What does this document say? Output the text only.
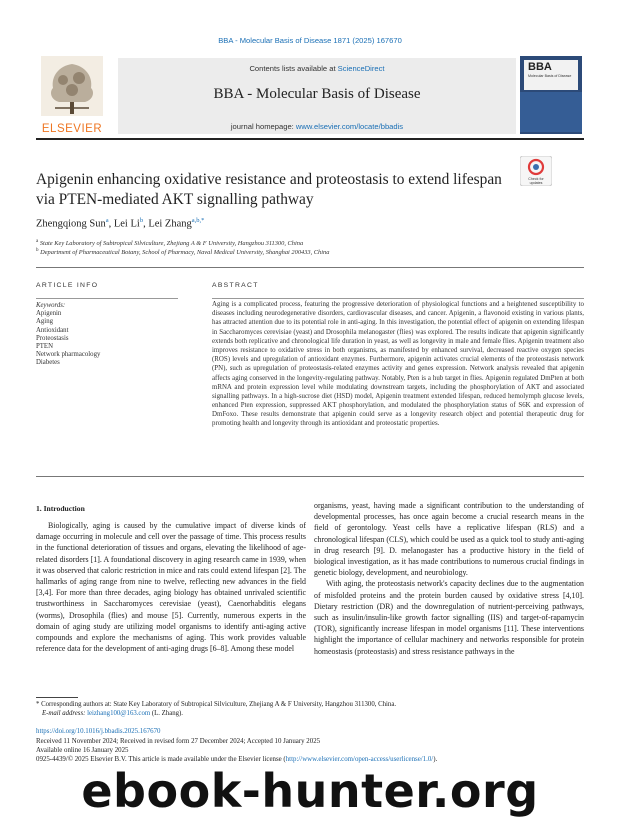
BBA - Molecular Basis of Disease 1871 (2025) 167670
ELSEVIER
Contents lists available at ScienceDirect
BBA - Molecular Basis of Disease
journal homepage: www.elsevier.com/locate/bbadis
BBA
Molecular Basis of Disease
Apigenin enhancing oxidative resistance and proteostasis to extend lifespan
via PTEN-mediated AKT signalling pathway
Check for
updates
Zhengqiong Sun$^a$, Lei Li$^b$, Lei Zhang$^{a,b,*}$
$^a$ State Key Laboratory of Subtropical Silviculture, Zhejiang A & F University, Hangzhou 311300, China
$^b$ Department of Pharmaceutical Botany, School of Pharmacy, Naval Medical University, Shanghai 200433, China
ARTICLE INFO	ABSTRACT
Keywords:
Apigenin
Aging
Antioxidant
Proteostasis
PTEN
Network pharmacology
Diabetes
Aging is a complicated process, featuring the progressive deterioration of physiological functions and a heightened susceptibility to diseases including neurodegenerative disorders, cardiovascular diseases, and cancer. Apigenin, a flavonoid existing in various plants, has attracted attention due to its potential role in anti-aging. In this investigation, the potential effect of apigenin on extending lifespan in Saccharomyces cerevisiae (yeast) and Drosophila melanogaster (flies) was explored. The results indicate that apigenin significantly extends both replicative and chronological life duration in yeast, as well as longevity in male and female flies. Apigenin treatment also improves resistance to oxidative stress in both organisms, as manifested by enhanced survival, decreased reactive oxygen species (ROS) levels and upregulation of antioxidant enzymes. Furthermore, apigenin activates crucial elements of the proteostasis network (PN), such as upregulation of proteostasis-related enzymes activity and genes expression. Network analysis revealed that apigenin affects aging conserved in the longevity-regulating pathway. Notably, Pten is a hub target in flies. Apigenin regulated DmPten at both mRNA and protein expression level while modulating downstream targets, including the phosphorylation of AKT and associated signalling pathways. In a high-sucrose diet (HSD) model, Apigenin treatment extended lifespan, reduced hemolymph glucose levels, enhanced Pten expression, suppressed AKT phosphorylation, and modulated the phosphorylation status of S6K and expression of DmFoxo. These results demonstrate that apigenin could serve as a longevity research object and potential therapeutic drug for promoting health and longevity through its antioxidant and proteostatic properties.
1. Introduction

Biologically, aging is caused by the cumulative impact of diverse kinds of damage occurring in molecule and cell over the passage of time. This process results in the functional deterioration of tissues and organs, elevating the likelihood of age-related disorders [1]. A foundational discovery in aging research came in 1939, when it was observed that caloric restriction in mice and rats could extend lifespan [2]. The hallmarks of aging range from nine to twelve, reflecting new advances in the field [3,4]. For more than three decades, aging biology has obtained unrivaled scientific trustworthiness in Saccharomyces cerevisiae (yeast), Caenorhabditis elegans (worms), Drosophila (flies) and mouse [5]. Currently, numerous experts in the domain of aging study are utilizing model organisms to identify anti-aging active compounds and explore the mechanisms of aging. This work provides valuable reference data for the development of anti-aging drugs [6–8]. Among these model

organisms, yeast, having made a significant contribution to the understanding of developmental processes, has once again become a crucial research means in the field of gerontology. Yeast cells have a replicative lifespan (RLS) and a chronological lifespan (CLS), which could be used as a quick tool to study anti-aging in drug research [9]. D. melanogaster has a productive history in the field of biological investigation, as it has made contributions to numerous crucial findings in genetic biology, development, and neurobiology.

With aging, the proteostasis network's capacity declines due to the augmentation of misfolded proteins and the protein burden caused by oxidative stress [4,10]. Dietary restriction (DR) and the downregulation of nutrient-perceiving pathways, such as insulin/insulin-like growth factor signalling (IIS) and target-of-rapamycin (TOR), significantly increase lifespan in model organisms [11]. These interventions highlight the importance of cellular machinery and networks responsible for protein homeostasis (proteostasis) and stress resistance pathways in the

* Corresponding authors at: State Key Laboratory of Subtropical Silviculture, Zhejiang A & F University, Hangzhou 311300, China.
E-mail address: leizhang100@163.com (L. Zhang).
https://doi.org/10.1016/j.bbadis.2025.167670
Received 11 November 2024; Received in revised form 27 December 2024; Accepted 10 January 2025
Available online 16 January 2025
0925-4439/© 2025 Elsevier B.V. This article is made available under the Elsevier license (http://www.elsevier.com/open-access/userlicense/1.0/).
ebook-hunter.org
